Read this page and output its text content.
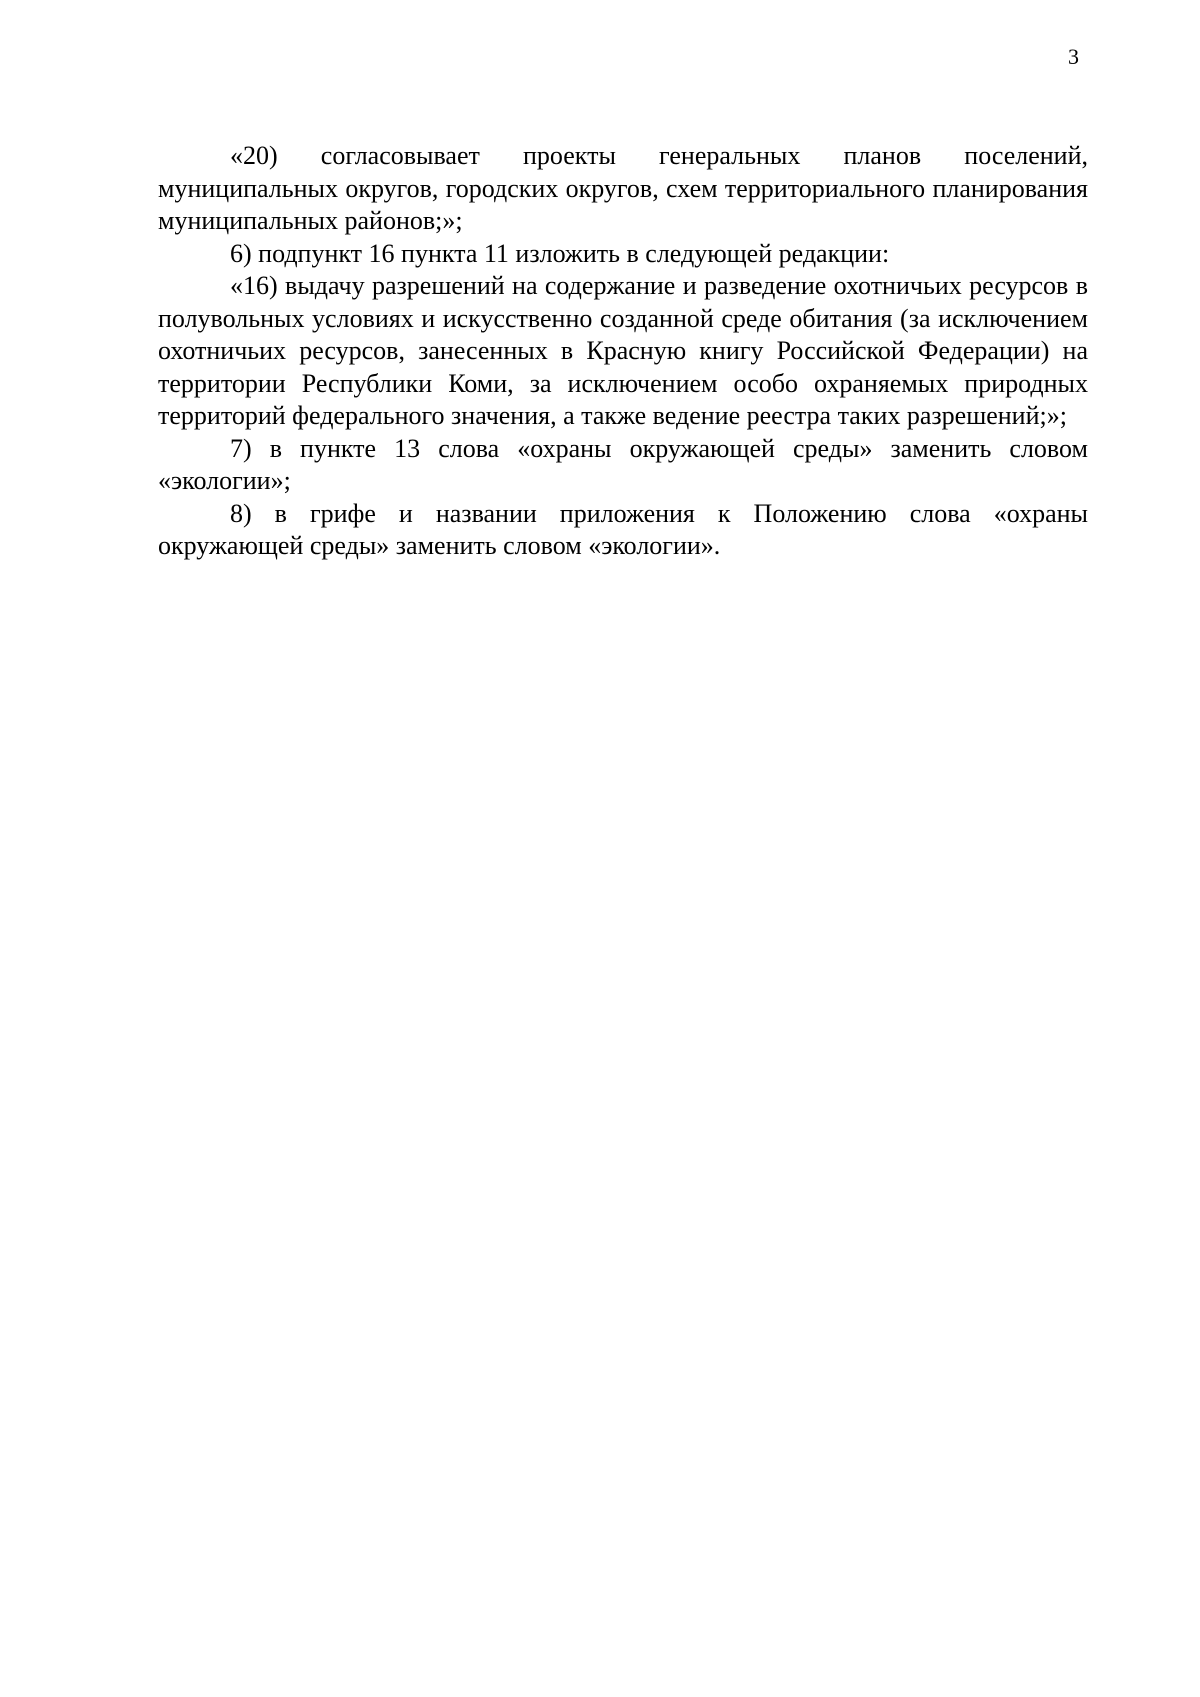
3

«20) согласовывает проекты генеральных планов поселений, муниципальных округов, городских округов, схем территориального планирования муниципальных районов;»;

6) подпункт 16 пункта 11 изложить в следующей редакции:

«16) выдачу разрешений на содержание и разведение охотничьих ресурсов в полувольных условиях и искусственно созданной среде обитания (за исключением охотничьих ресурсов, занесенных в Красную книгу Российской Федерации) на территории Республики Коми, за исключением особо охраняемых природных территорий федерального значения, а также ведение реестра таких разрешений;»;

7) в пункте 13 слова «охраны окружающей среды» заменить словом «экологии»;

8) в грифе и названии приложения к Положению слова «охраны окружающей среды» заменить словом «экологии».
